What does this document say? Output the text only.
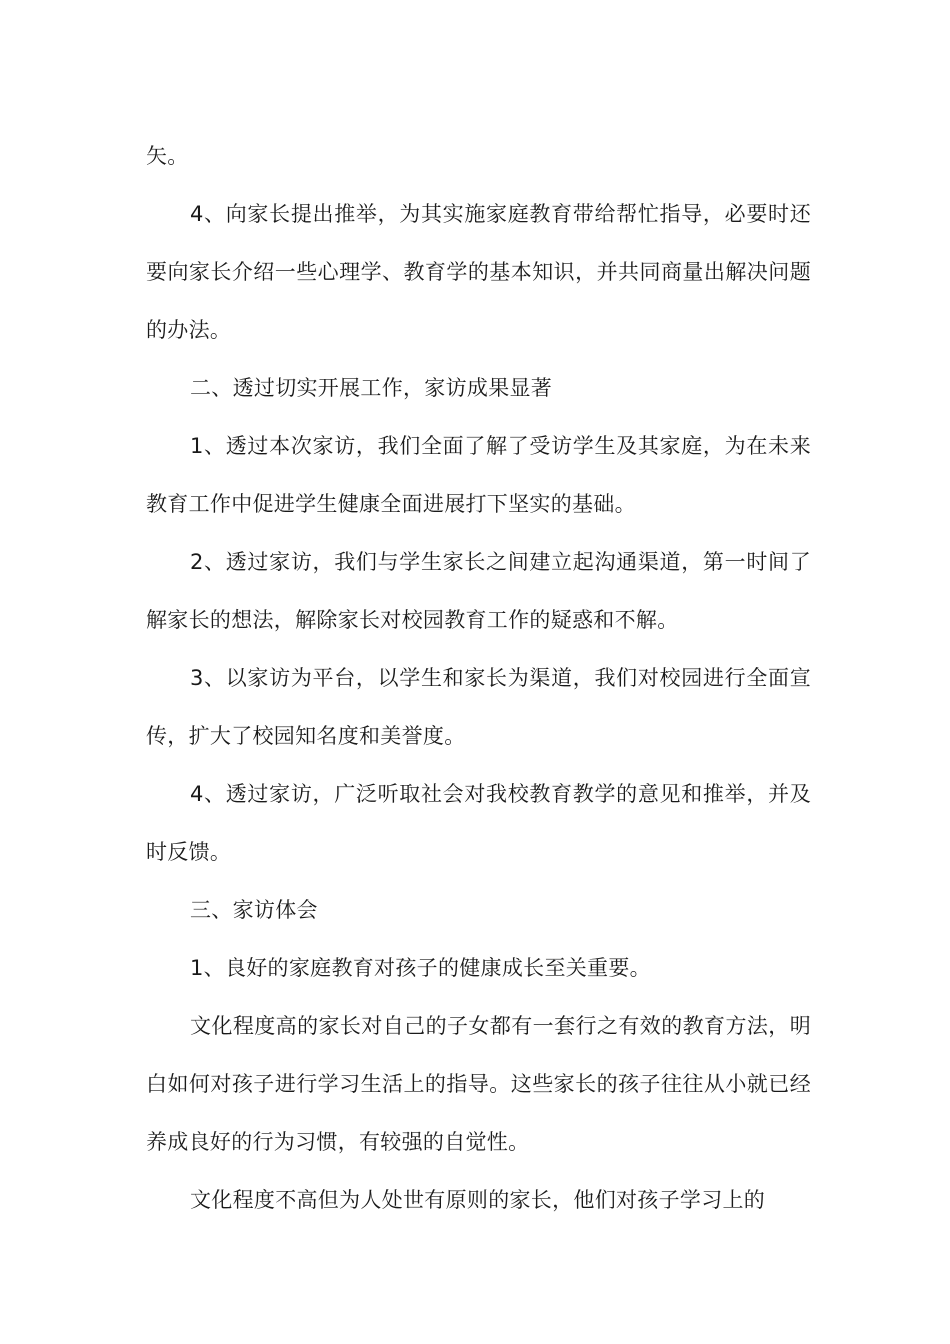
矢。

4、向家长提出推举，为其实施家庭教育带给帮忙指导，必要时还要向家长介绍一些心理学、教育学的基本知识，并共同商量出解决问题的办法。

二、透过切实开展工作，家访成果显著

1、透过本次家访，我们全面了解了受访学生及其家庭，为在未来教育工作中促进学生健康全面进展打下坚实的基础。

2、透过家访，我们与学生家长之间建立起沟通渠道，第一时间了解家长的想法，解除家长对校园教育工作的疑惑和不解。

3、以家访为平台，以学生和家长为渠道，我们对校园进行全面宣传，扩大了校园知名度和美誉度。

4、透过家访，广泛听取社会对我校教育教学的意见和推举，并及时反馈。

三、家访体会

1、良好的家庭教育对孩子的健康成长至关重要。

文化程度高的家长对自己的子女都有一套行之有效的教育方法，明白如何对孩子进行学习生活上的指导。这些家长的孩子往往从小就已经养成良好的行为习惯，有较强的自觉性。

文化程度不高但为人处世有原则的家长，他们对孩子学习上的
